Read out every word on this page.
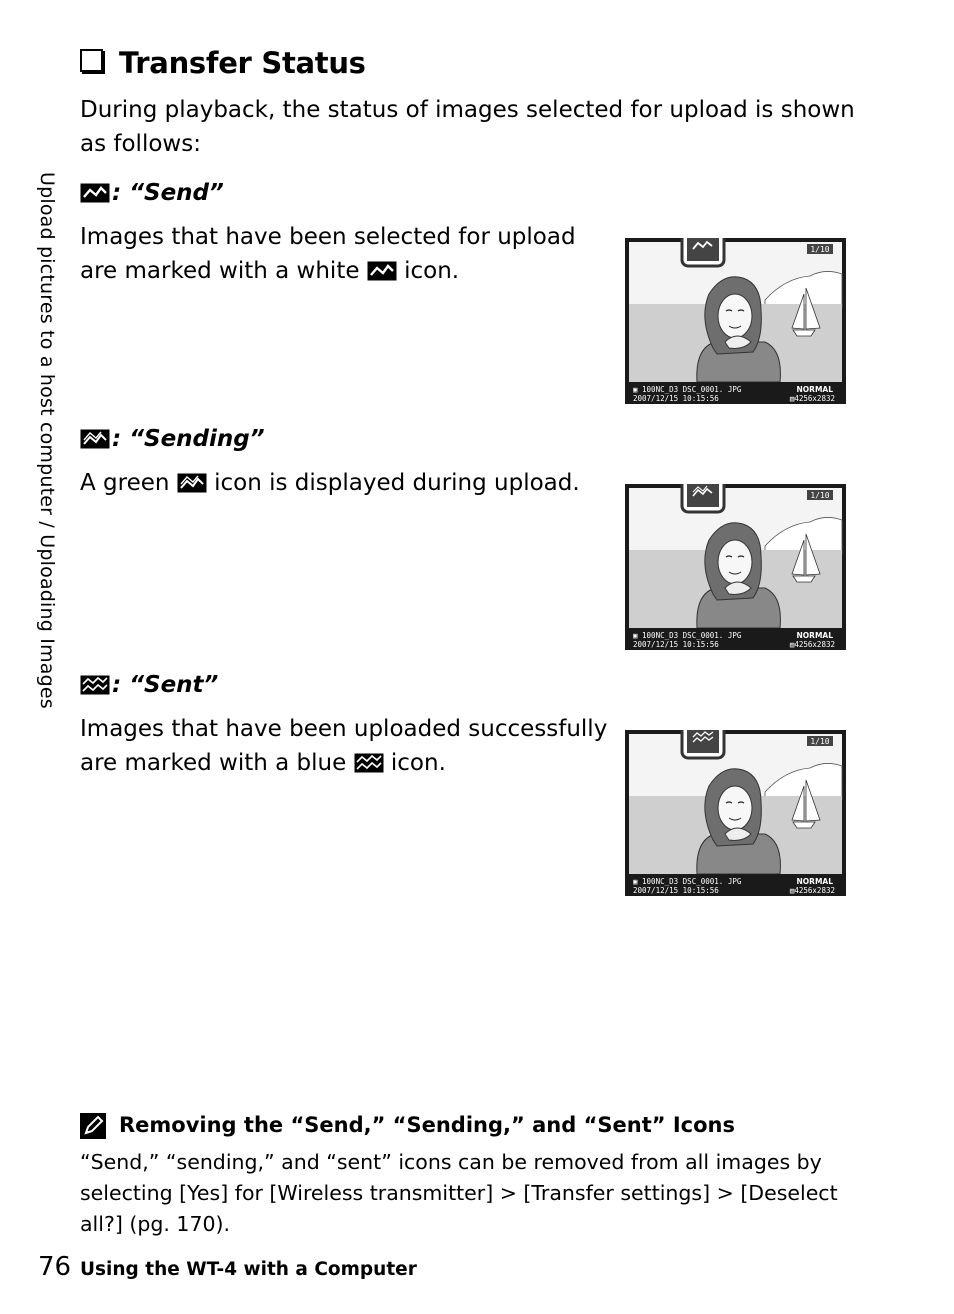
Transfer Status
During playback, the status of images selected for upload is shown as follows:
Upload pictures to a host computer / Uploading Images : “Send”
Images that have been selected for upload are marked with a white icon.
: “Sending”
A green icon is displayed during upload.
: “Sent”
Images that have been uploaded successfully are marked with a blue icon.
1/10
▣ 100NC_D3 DSC_0001. JPG
2007/12/15 10:15:56
NORMAL
▤4256x2832
1/10
▣ 100NC_D3 DSC_0001. JPG
2007/12/15 10:15:56
NORMAL
▤4256x2832
1/10
▣ 100NC_D3 DSC_0001. JPG
2007/12/15 10:15:56
NORMAL
▤4256x2832
Removing the “Send,” “Sending,” and “Sent” Icons
“Send,” “sending,” and “sent” icons can be removed from all images by selecting [Yes] for [Wireless transmitter] > [Transfer settings] > [Deselect all?] (pg. 170).
76 Using the WT-4 with a Computer
